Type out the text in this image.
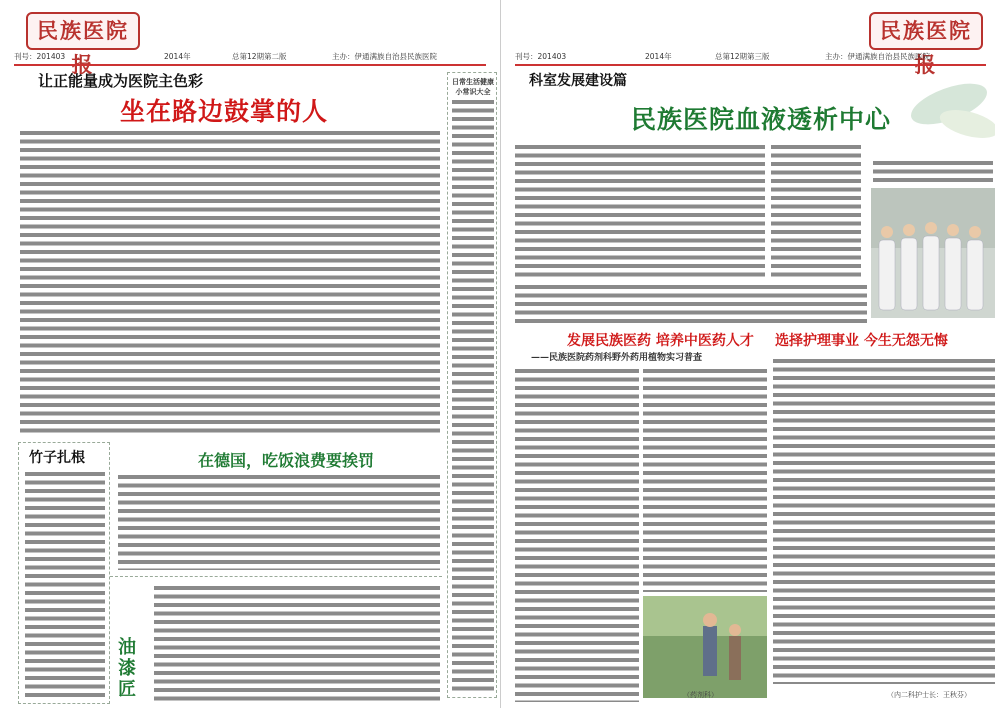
民族医院报
刊号：201403	2014年	总第12期第二版	主办：伊通满族自治县民族医院
让正能量成为医院主色彩
坐在路边鼓掌的人
日常生活健康小常识大全
竹子扎根	在德国，吃饭浪费要挨罚
油漆匠
民族医院报
刊号：201403	2014年	总第12期第三版	主办：伊通满族自治县民族医院
科室发展建设篇
民族医院血液透析中心
发展民族医药 培养中医药人才
——民族医院药剂科野外药用植物实习普查
（药剂科）
选择护理事业 今生无怨无悔
（内二科护士长：王秋芬）
